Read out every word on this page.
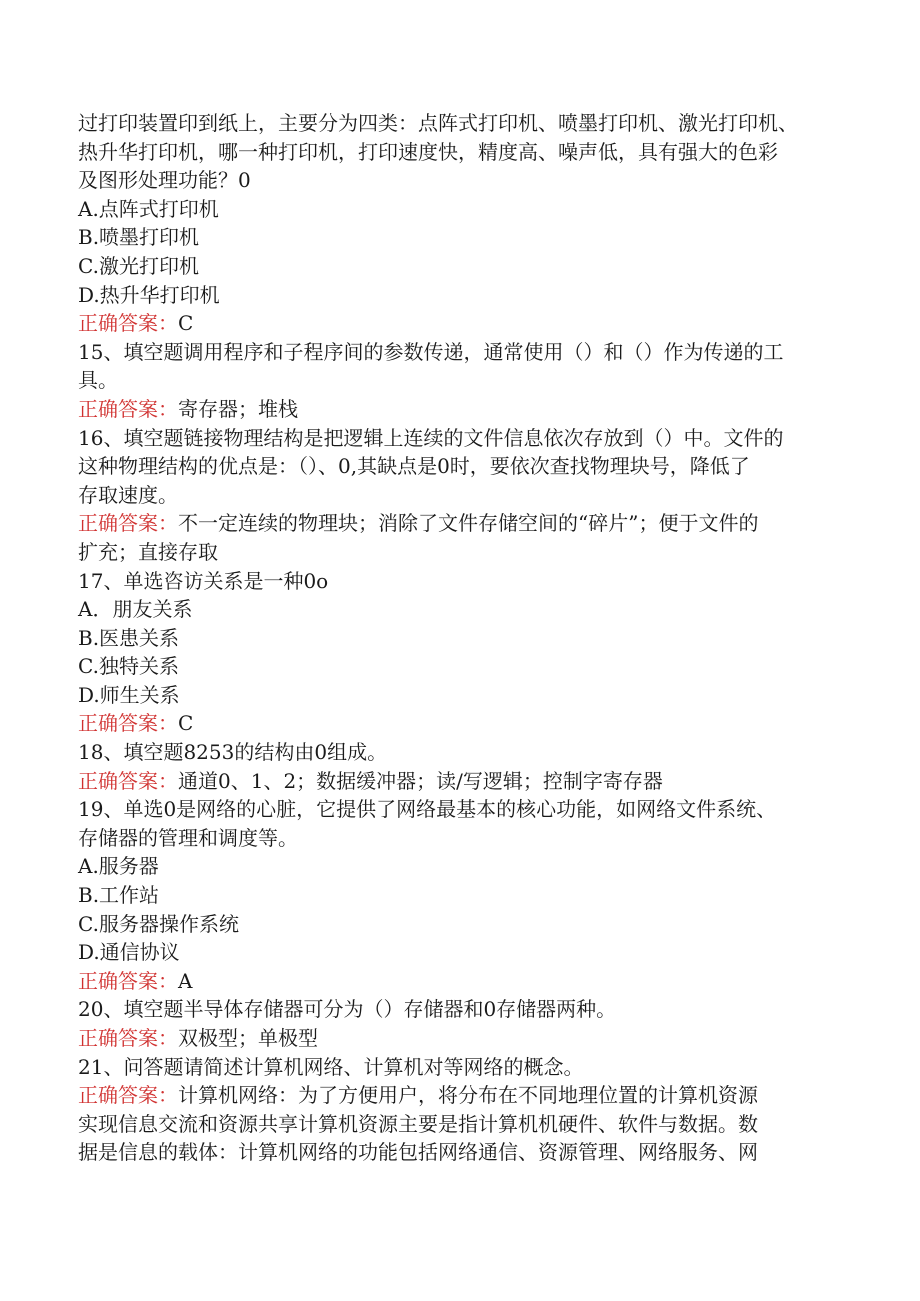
过打印装置印到纸上，主要分为四类：点阵式打印机、喷墨打印机、激光打印机、
热升华打印机，哪一种打印机，打印速度快，精度高、噪声低，具有强大的色彩
及图形处理功能？0
A.点阵式打印机
B.喷墨打印机
C.激光打印机
D.热升华打印机
正确答案：C
15、填空题调用程序和子程序间的参数传递，通常使用（）和（）作为传递的工
具。
正确答案：寄存器；堆栈
16、填空题链接物理结构是把逻辑上连续的文件信息依次存放到（）中。文件的
这种物理结构的优点是：（）、0,其缺点是0时，要依次查找物理块号，降低了
存取速度。
正确答案：不一定连续的物理块；消除了文件存储空间的“碎片”；便于文件的
扩充；直接存取
17、单选咨访关系是一种0o
A．朋友关系
B.医患关系
C.独特关系
D.师生关系
正确答案：C
18、填空题8253的结构由0组成。
正确答案：通道0、1、2；数据缓冲器；读/写逻辑；控制字寄存器
19、单选0是网络的心脏，它提供了网络最基本的核心功能，如网络文件系统、
存储器的管理和调度等。
A.服务器
B.工作站
C.服务器操作系统
D.通信协议
正确答案：A
20、填空题半导体存储器可分为（）存储器和0存储器两种。
正确答案：双极型；单极型
21、问答题请简述计算机网络、计算机对等网络的概念。
正确答案：计算机网络：为了方便用户，将分布在不同地理位置的计算机资源
实现信息交流和资源共享计算机资源主要是指计算机机硬件、软件与数据。数
据是信息的载体：计算机网络的功能包括网络通信、资源管理、网络服务、网
